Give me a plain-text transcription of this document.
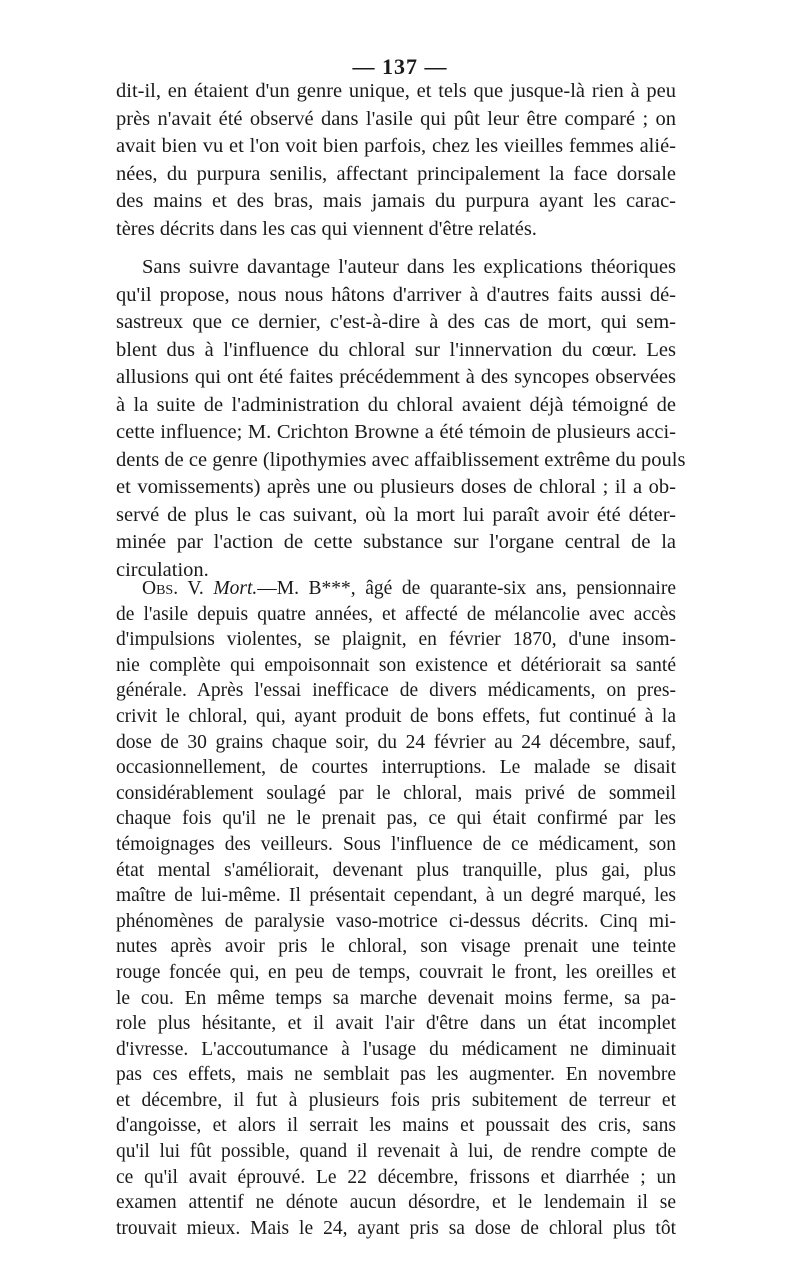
— 137 —
dit-il, en étaient d'un genre unique, et tels que jusque-là rien à peu
près n'avait été observé dans l'asile qui pût leur être comparé ; on
avait bien vu et l'on voit bien parfois, chez les vieilles femmes alié-
nées, du purpura senilis, affectant principalement la face dorsale
des mains et des bras, mais jamais du purpura ayant les carac-
tères décrits dans les cas qui viennent d'être relatés.
Sans suivre davantage l'auteur dans les explications théoriques
qu'il propose, nous nous hâtons d'arriver à d'autres faits aussi dé-
sastreux que ce dernier, c'est-à-dire à des cas de mort, qui sem-
blent dus à l'influence du chloral sur l'innervation du cœur. Les
allusions qui ont été faites précédemment à des syncopes observées
à la suite de l'administration du chloral avaient déjà témoigné de
cette influence; M. Crichton Browne a été témoin de plusieurs acci-
dents de ce genre (lipothymies avec affaiblissement extrême du pouls
et vomissements) après une ou plusieurs doses de chloral ; il a ob-
servé de plus le cas suivant, où la mort lui paraît avoir été déter-
minée par l'action de cette substance sur l'organe central de la
circulation.
Obs. V. Mort.—M. B***, âgé de quarante-six ans, pensionnaire
de l'asile depuis quatre années, et affecté de mélancolie avec accès
d'impulsions violentes, se plaignit, en février 1870, d'une insom-
nie complète qui empoisonnait son existence et détériorait sa santé
générale. Après l'essai inefficace de divers médicaments, on pres-
crivit le chloral, qui, ayant produit de bons effets, fut continué à la
dose de 30 grains chaque soir, du 24 février au 24 décembre, sauf,
occasionnellement, de courtes interruptions. Le malade se disait
considérablement soulagé par le chloral, mais privé de sommeil
chaque fois qu'il ne le prenait pas, ce qui était confirmé par les
témoignages des veilleurs. Sous l'influence de ce médicament, son
état mental s'améliorait, devenant plus tranquille, plus gai, plus
maître de lui-même. Il présentait cependant, à un degré marqué, les
phénomènes de paralysie vaso-motrice ci-dessus décrits. Cinq mi-
nutes après avoir pris le chloral, son visage prenait une teinte
rouge foncée qui, en peu de temps, couvrait le front, les oreilles et
le cou. En même temps sa marche devenait moins ferme, sa pa-
role plus hésitante, et il avait l'air d'être dans un état incomplet
d'ivresse. L'accoutumance à l'usage du médicament ne diminuait
pas ces effets, mais ne semblait pas les augmenter. En novembre
et décembre, il fut à plusieurs fois pris subitement de terreur et
d'angoisse, et alors il serrait les mains et poussait des cris, sans
qu'il lui fût possible, quand il revenait à lui, de rendre compte de
ce qu'il avait éprouvé. Le 22 décembre, frissons et diarrhée ; un
examen attentif ne dénote aucun désordre, et le lendemain il se
trouvait mieux. Mais le 24, ayant pris sa dose de chloral plus tôt
